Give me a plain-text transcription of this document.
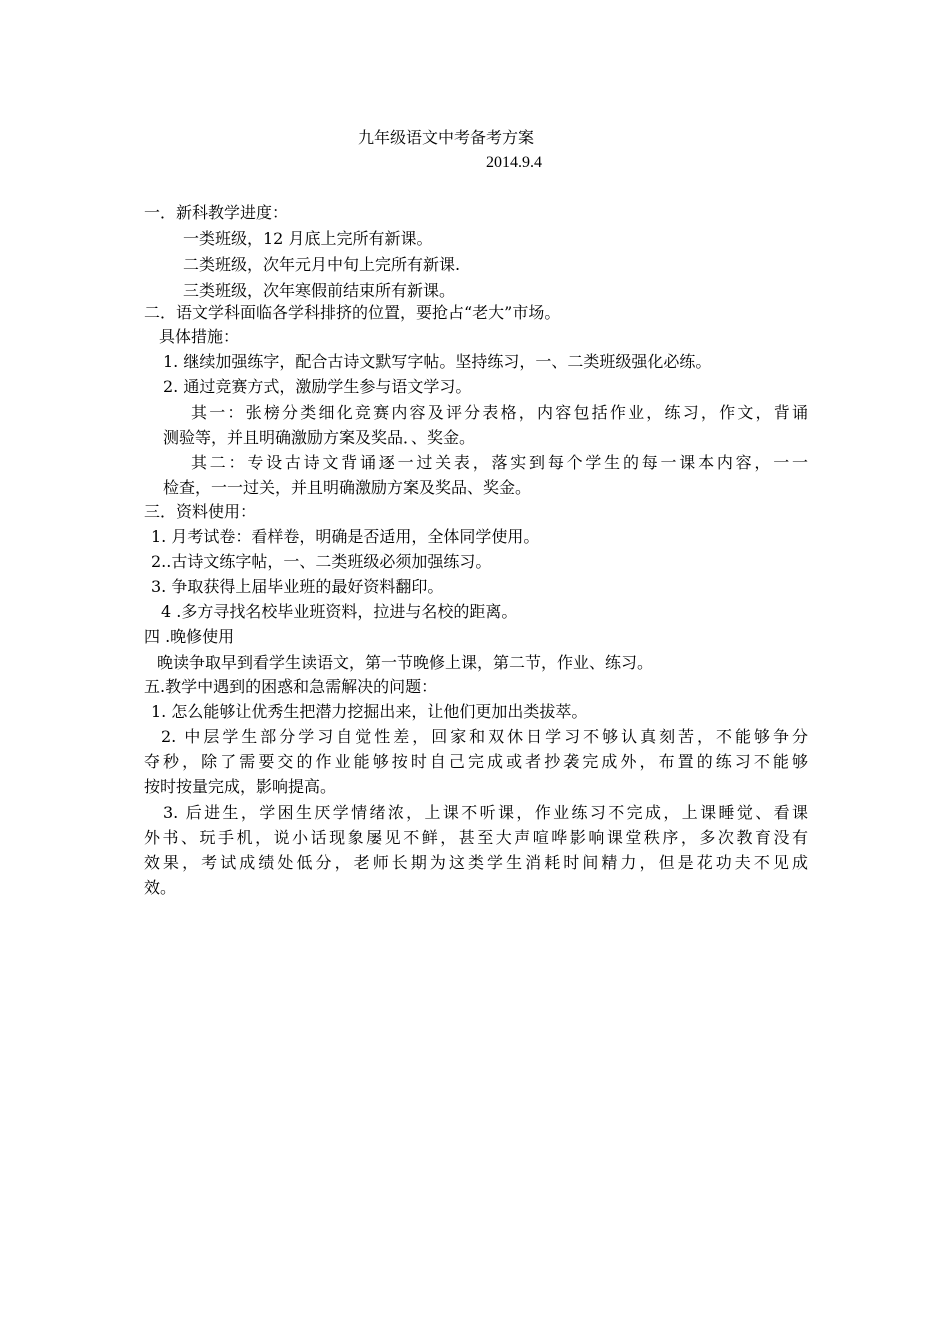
九年级语文中考备考方案
2014.9.4
一．新科教学进度：
一类班级，12 月底上完所有新课。
二类班级，次年元月中旬上完所有新课.
三类班级，次年寒假前结束所有新课。
二．语文学科面临各学科排挤的位置，要抢占“老大”市场。
具体措施：
1. 继续加强练字，配合古诗文默写字帖。坚持练习，一、二类班级强化必练。
2. 通过竞赛方式，激励学生参与语文学习。
其一：张榜分类细化竞赛内容及评分表格，内容包括作业，练习，作文，背诵
测验等，并且明确激励方案及奖品．、奖金。
其二：专设古诗文背诵逐一过关表，落实到每个学生的每一课本内容，一一
检查，一一过关，并且明确激励方案及奖品、奖金。
三．资料使用：
1. 月考试卷：看样卷，明确是否适用，全体同学使用。
2..古诗文练字帖，一、二类班级必须加强练习。
3. 争取获得上届毕业班的最好资料翻印。
4 .多方寻找名校毕业班资料，拉进与名校的距离。
四 .晚修使用
晚读争取早到看学生读语文，第一节晚修上课，第二节，作业、练习。
五.教学中遇到的困惑和急需解决的问题：
1. 怎么能够让优秀生把潜力挖掘出来，让他们更加出类拔萃。
2. 中层学生部分学习自觉性差，回家和双休日学习不够认真刻苦，不能够争分
夺秒，除了需要交的作业能够按时自己完成或者抄袭完成外，布置的练习不能够
按时按量完成，影响提高。
3. 后进生，学困生厌学情绪浓，上课不听课，作业练习不完成，上课睡觉、看课
外书、玩手机，说小话现象屡见不鲜，甚至大声喧哗影响课堂秩序，多次教育没有
效果，考试成绩处低分，老师长期为这类学生消耗时间精力，但是花功夫不见成
效。
